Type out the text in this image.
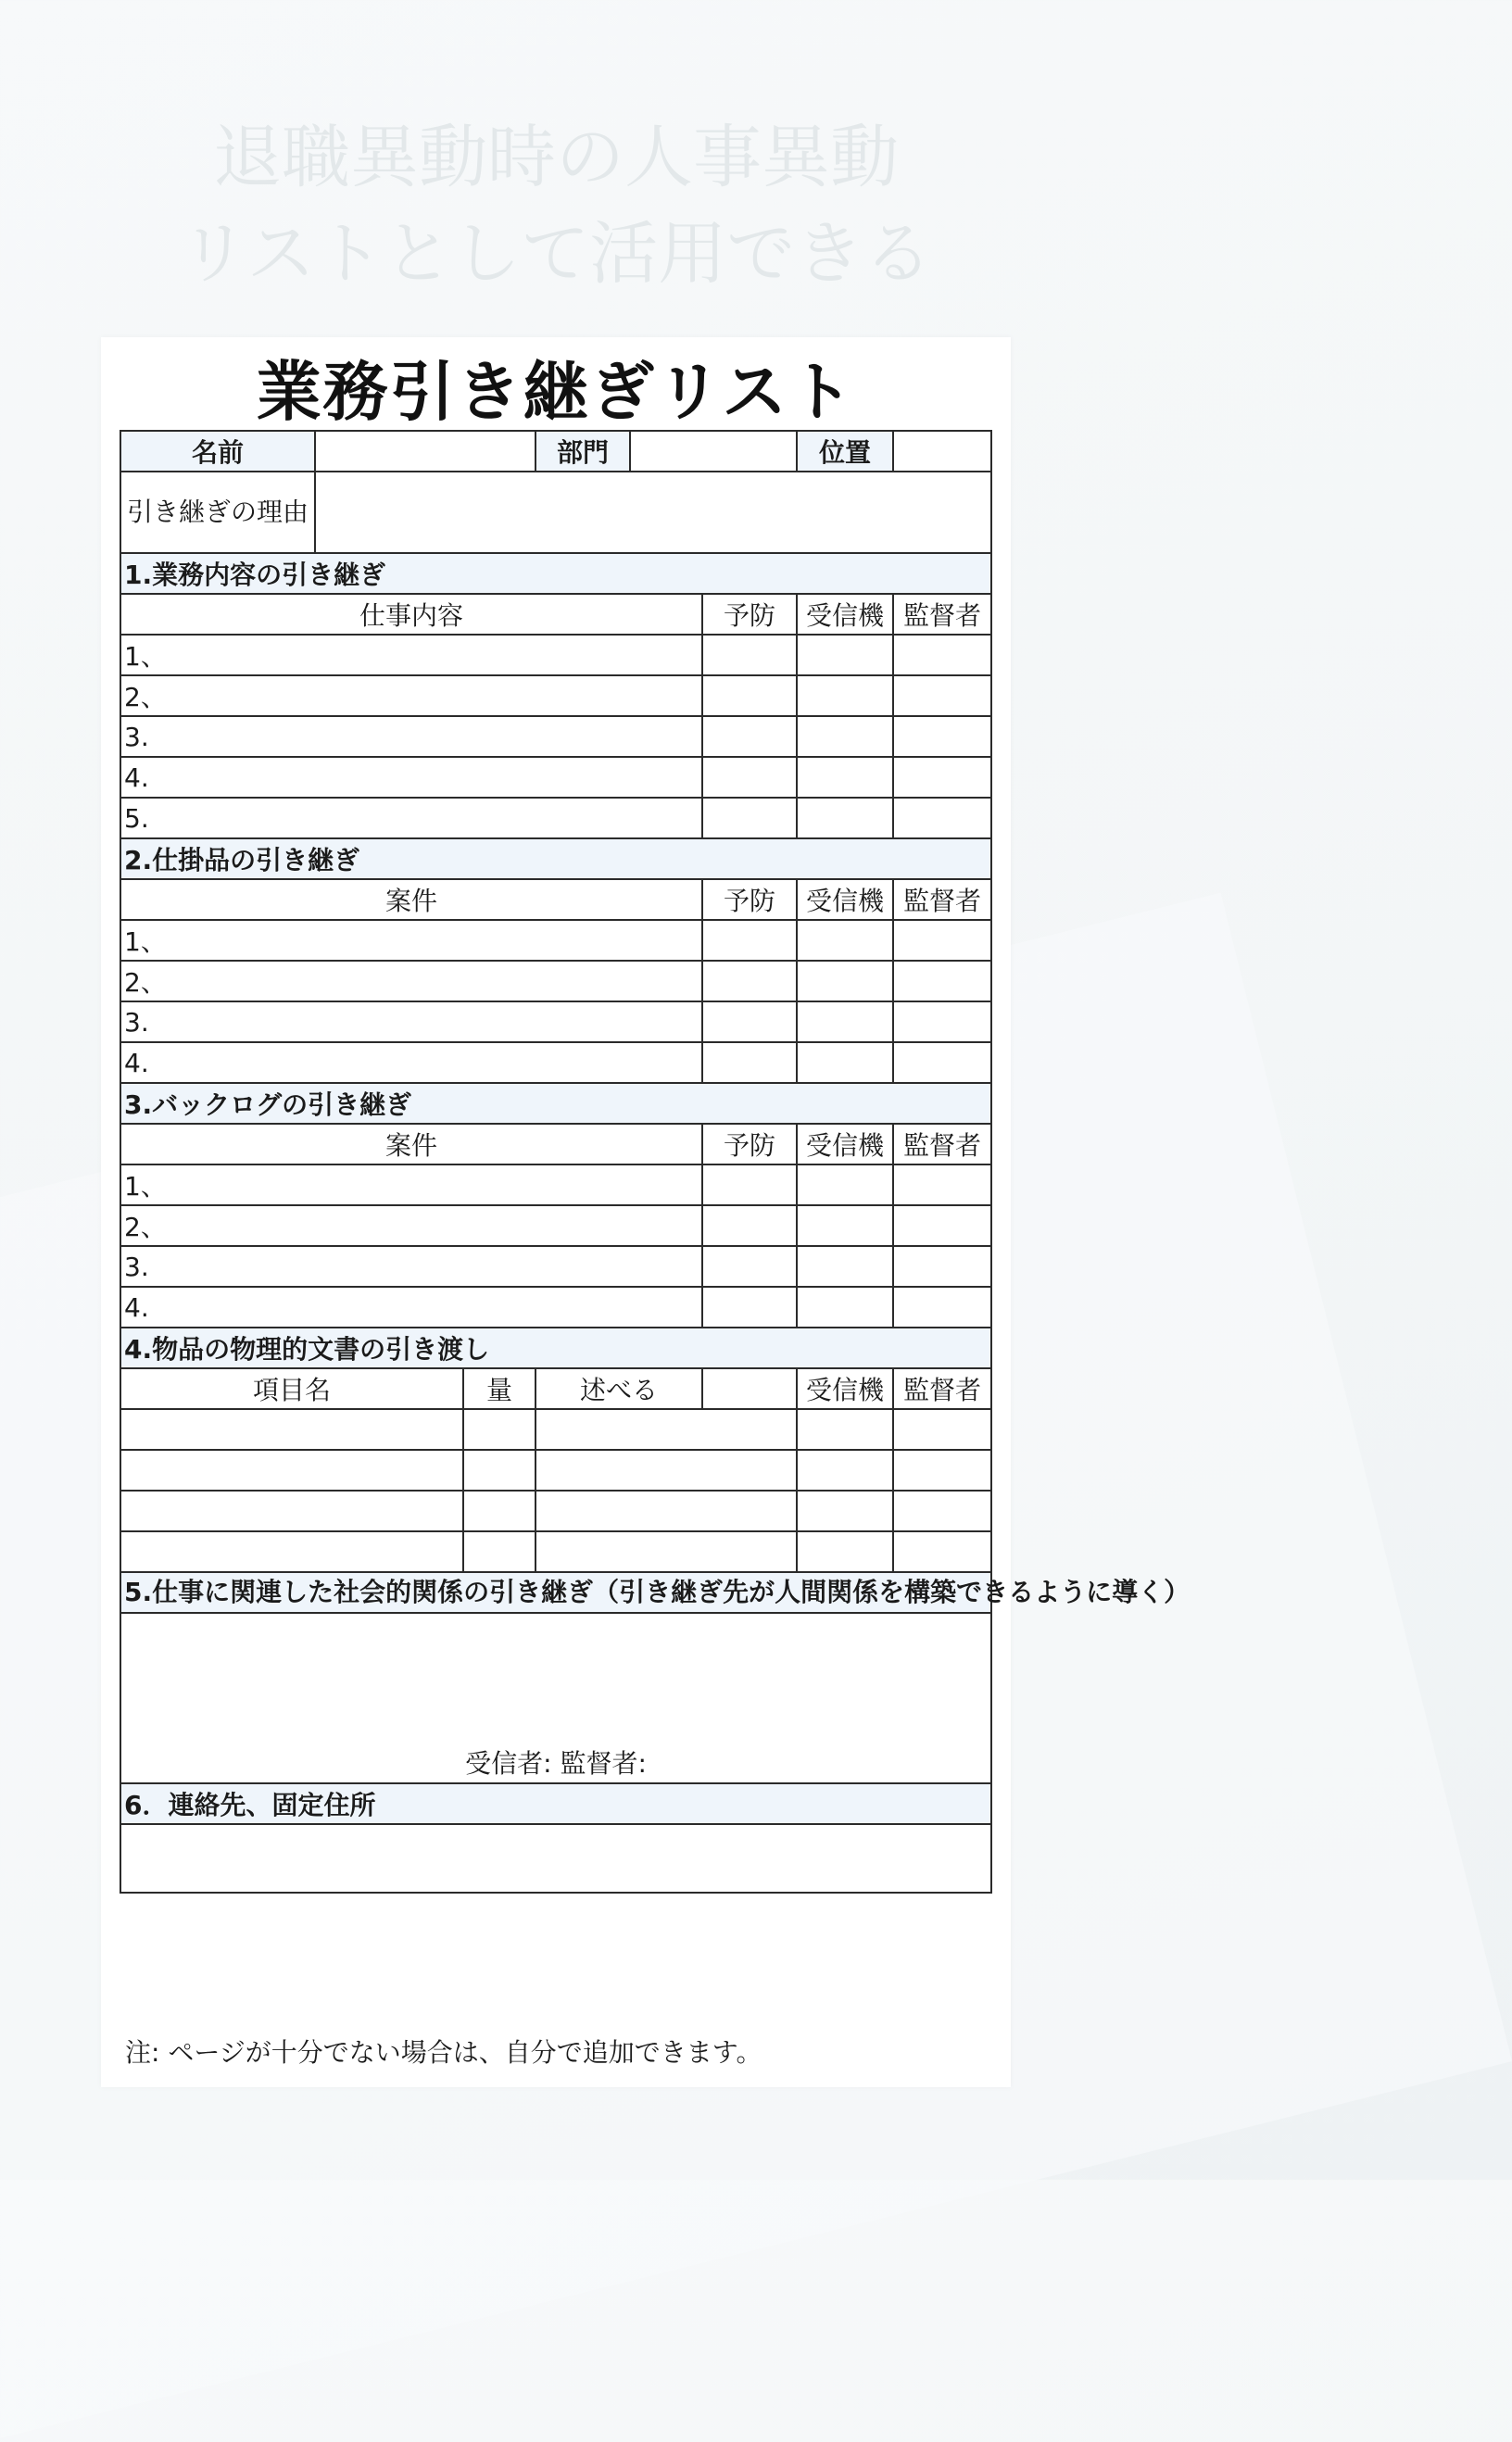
退職異動時の人事異動
リストとして活用できる
業務引き継ぎリスト
名前			部門			位置	
引き継ぎの理由							
1.業務内容の引き継ぎ							
仕事内容					予防	受信機	監督者
1、							
2、							
3.							
4.							
5.							
2.仕掛品の引き継ぎ							
案件					予防	受信機	監督者
1、							
2、							
3.							
4.							
3.バックログの引き継ぎ							
案件					予防	受信機	監督者
1、							
2、							
3.							
4.							
4.物品の物理的文書の引き渡し							
項目名		量	述べる			受信機	監督者

5.仕事に関連した社会的関係の引き継ぎ（引き継ぎ先が人間関係を構築できるように導く）							
受信者: 監督者:							
6．連絡先、固定住所							

注: ページが十分でない場合は、自分で追加できます。
